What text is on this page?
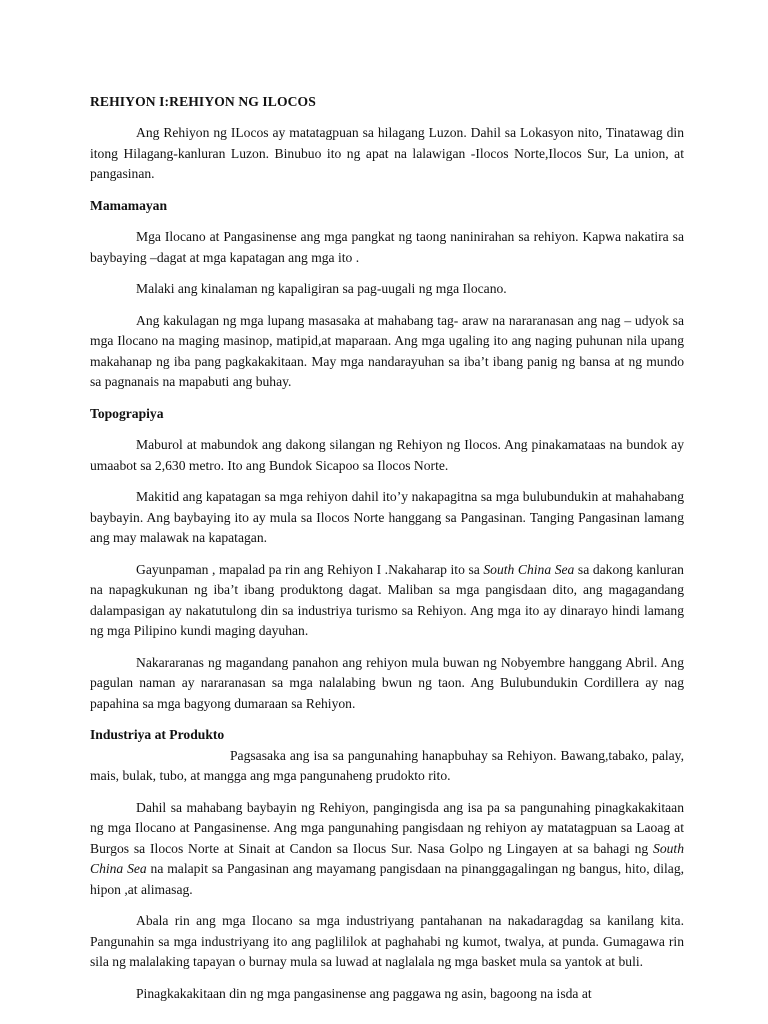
REHIYON I:REHIYON NG ILOCOS

Ang Rehiyon ng ILocos ay matatagpuan sa hilagang Luzon. Dahil sa Lokasyon nito, Tinatawag din itong Hilagang-kanluran Luzon. Binubuo ito ng apat na lalawigan -Ilocos Norte,Ilocos Sur, La union, at pangasinan.

Mamamayan

Mga Ilocano at Pangasinense ang mga pangkat ng taong naninirahan sa rehiyon. Kapwa nakatira sa baybaying –dagat at mga kapatagan ang mga ito .

Malaki ang kinalaman ng kapaligiran sa pag-uugali ng mga Ilocano.

Ang kakulagan ng mga lupang masasaka at mahabang tag- araw na nararanasan ang nag – udyok sa mga Ilocano na maging masinop, matipid,at maparaan. Ang mga ugaling ito ang naging puhunan nila upang makahanap ng iba pang pagkakakitaan. May mga nandarayuhan sa iba’t ibang panig ng bansa at ng mundo sa pagnanais na mapabuti ang buhay.

Topograpiya

Maburol at mabundok ang dakong silangan ng Rehiyon ng Ilocos. Ang pinakamataas na bundok ay umaabot sa 2,630 metro. Ito ang Bundok Sicapoo sa Ilocos Norte.

Makitid ang kapatagan sa mga rehiyon dahil ito’y nakapagitna sa mga bulubundukin at mahahabang baybayin. Ang baybaying ito ay mula sa Ilocos Norte hanggang sa Pangasinan. Tanging Pangasinan lamang ang may malawak na kapatagan.

Gayunpaman , mapalad pa rin ang Rehiyon I .Nakaharap ito sa South China Sea sa dakong kanluran na napagkukunan ng iba’t ibang produktong dagat. Maliban sa mga pangisdaan dito, ang magagandang dalampasigan ay nakatutulong din sa industriya turismo sa Rehiyon. Ang mga ito ay dinarayo hindi lamang ng mga Pilipino kundi maging dayuhan.

Nakararanas ng magandang panahon ang rehiyon mula buwan ng Nobyembre hanggang Abril. Ang pagulan naman ay nararanasan sa mga nalalabing bwun ng taon. Ang Bulubundukin Cordillera ay nag papahina sa mga bagyong dumaraan sa Rehiyon.

Industriya at Produkto

Pagsasaka ang isa sa pangunahing hanapbuhay sa Rehiyon. Bawang,tabako, palay, mais, bulak, tubo, at mangga ang mga pangunaheng prudokto rito.

Dahil sa mahabang baybayin ng Rehiyon, pangingisda ang isa pa sa pangunahing pinagkakakitaan ng mga Ilocano at Pangasinense. Ang mga pangunahing pangisdaan ng rehiyon ay matatagpuan sa Laoag at Burgos sa Ilocos Norte at Sinait at Candon sa Ilocus Sur. Nasa Golpo ng Lingayen at sa bahagi ng South China Sea na malapit sa Pangasinan ang mayamang pangisdaan na pinanggagalingan ng bangus, hito, dilag, hipon ,at alimasag.

Abala rin ang mga Ilocano sa mga industriyang pantahanan na nakadaragdag sa kanilang kita. Pangunahin sa mga industriyang ito ang paglililok at paghahabi ng kumot, twalya, at punda. Gumagawa rin sila ng malalaking tapayan o burnay mula sa luwad at naglalala ng mga basket mula sa yantok at buli.

Pinagkakakitaan din ng mga pangasinense ang paggawa ng asin, bagoong na isda at
